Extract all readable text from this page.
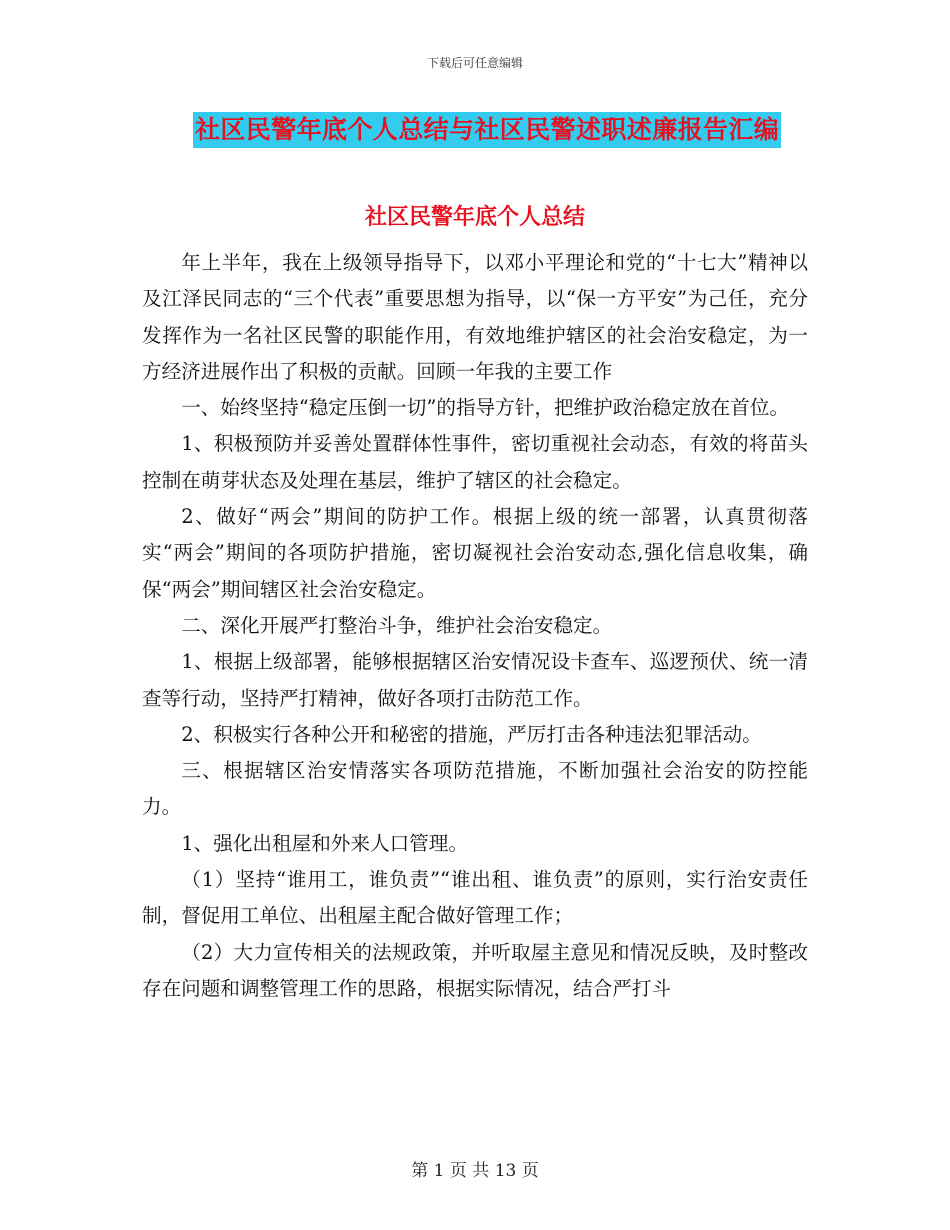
下载后可任意编辑
社区民警年底个人总结与社区民警述职述廉报告汇编
社区民警年底个人总结

年上半年，我在上级领导指导下，以邓小平理论和党的“十七大”精神以及江泽民同志的“三个代表”重要思想为指导，以“保一方平安”为己任，充分发挥作为一名社区民警的职能作用，有效地维护辖区的社会治安稳定，为一方经济进展作出了积极的贡献。回顾一年我的主要工作

一、始终坚持“稳定压倒一切”的指导方针，把维护政治稳定放在首位。

1、积极预防并妥善处置群体性事件，密切重视社会动态，有效的将苗头控制在萌芽状态及处理在基层，维护了辖区的社会稳定。

2、做好“两会”期间的防护工作。根据上级的统一部署，认真贯彻落实“两会”期间的各项防护措施，密切凝视社会治安动态,强化信息收集，确保“两会”期间辖区社会治安稳定。

二、深化开展严打整治斗争，维护社会治安稳定。

1、根据上级部署，能够根据辖区治安情况设卡查车、巡逻预伏、统一清查等行动，坚持严打精神，做好各项打击防范工作。

2、积极实行各种公开和秘密的措施，严厉打击各种违法犯罪活动。

三、根据辖区治安情落实各项防范措施，不断加强社会治安的防控能力。

1、强化出租屋和外来人口管理。

（1）坚持“谁用工，谁负责”“谁出租、谁负责”的原则，实行治安责任制，督促用工单位、出租屋主配合做好管理工作；

（2）大力宣传相关的法规政策，并听取屋主意见和情况反映，及时整改存在问题和调整管理工作的思路，根据实际情况，结合严打斗

第 1 页 共 13 页
